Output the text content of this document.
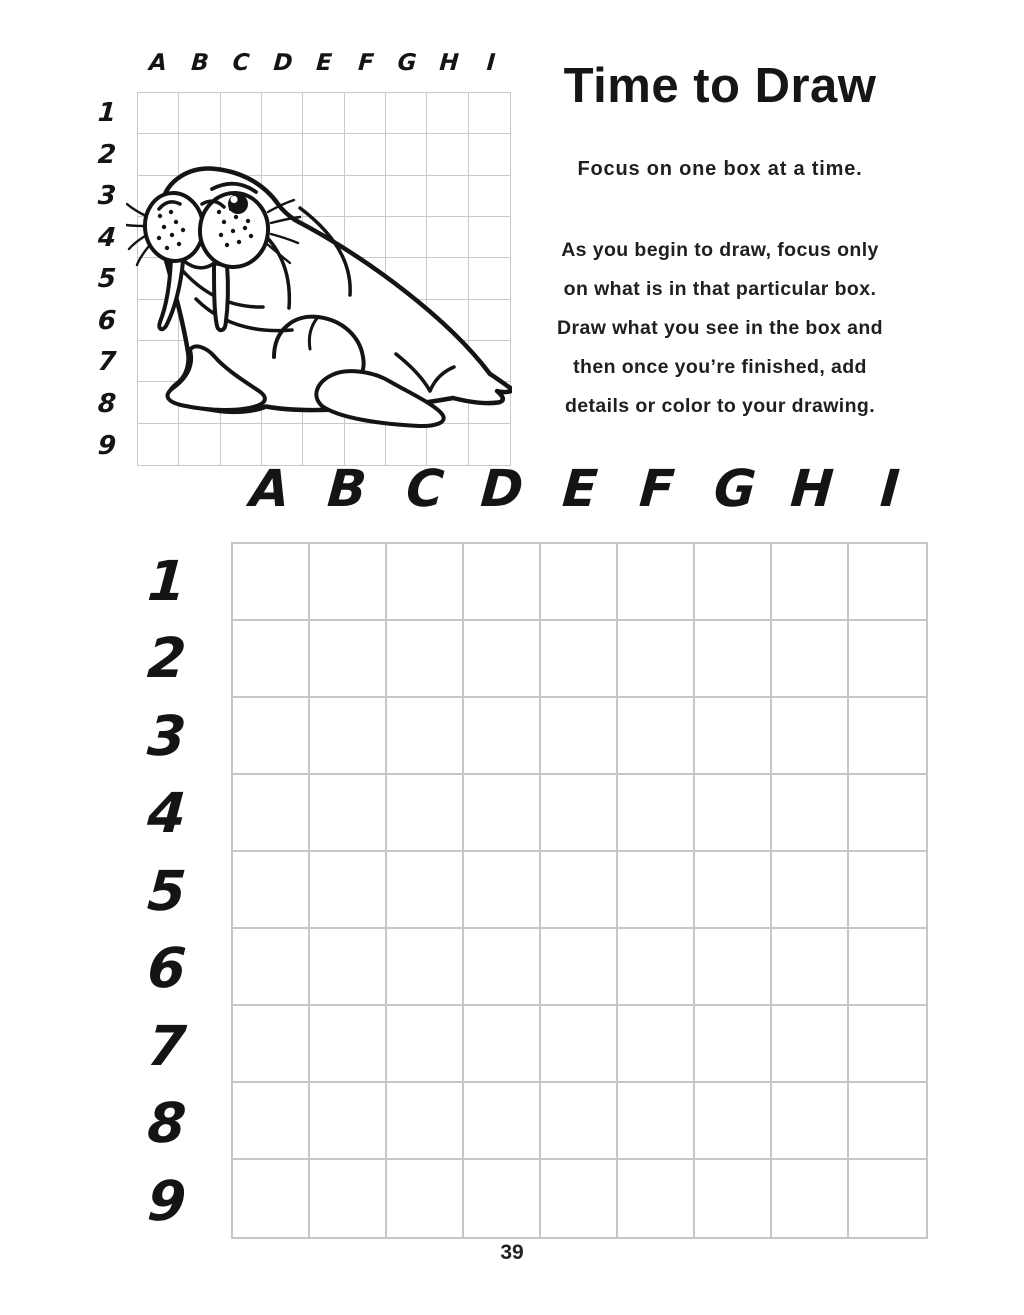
A B C D E	F G H	I
1
2
3
4
5
6
7
8
9
Time to Draw
Focus on one box at a time.
As you begin to draw, focus only
on what is in that particular box.
Draw what you see in the box and
then once you’re finished, add
details or color to your drawing.
A B C D E F G H I
1
2
3
4
5
6
7
8
9
39
